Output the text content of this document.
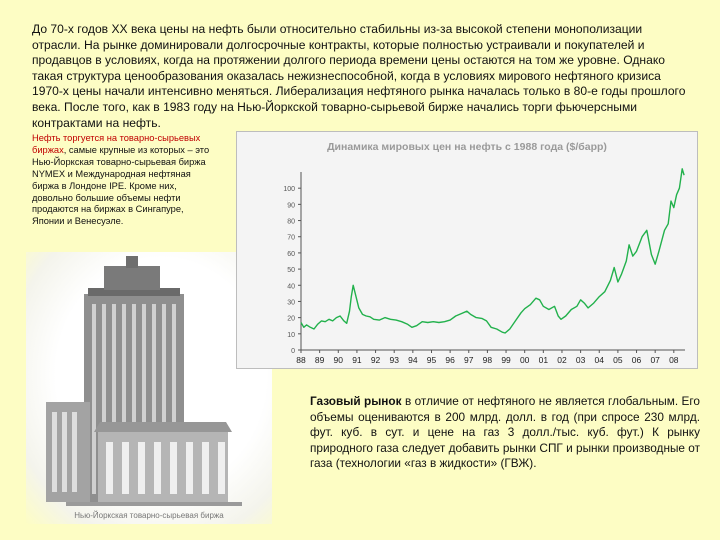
До 70-х годов XX века цены на нефть были относительно стабильны из-за высокой степени монополизации отрасли. На рынке доминировали долгосрочные контракты, которые полностью устраивали и покупателей и продавцов в условиях, когда на протяжении долгого периода времени цены остаются на том же уровне. Однако такая структура ценообразования оказалась нежизнеспособной, когда в условиях мирового нефтяного кризиса 1970-х цены начали интенсивно меняться. Либерализация нефтяного рынка началась только в 80-е годы прошлого века. После того, как в 1983 году на Нью-Йоркской товарно-сырьевой бирже начались торги фьючерсными контрактами на нефть.

Нефть торгуется на товарно-сырьевых биржах, самые крупные из которых – это Нью-Йоркская товарно-сырьевая биржа NYMEX и Международная нефтяная биржа в Лондоне IPE. Кроме них, довольно большие объемы нефти продаются на биржах в Сингапуре, Японии и Венесуэле.
Нью-Йоркская товарно-сырьевая биржа
Динамика мировых цен на нефть с 1988 года ($/барр)
0
10
20
30
40
50
60
70
80
90
100
88 89 90 91 92 93 94 95 96 97 98 99 00 01 02 03 04 05 06 07 08
Газовый рынок в отличие от нефтяного не является глобальным. Его объемы оцениваются в 200 млрд. долл. в год (при спросе 230 млрд. фут. куб. в сут. и цене на газ 3 долл./тыс. куб. фут.) К рынку природного газа следует добавить рынки СПГ и рынки производные от газа (технологии «газ в жидкости» (ГВЖ).
